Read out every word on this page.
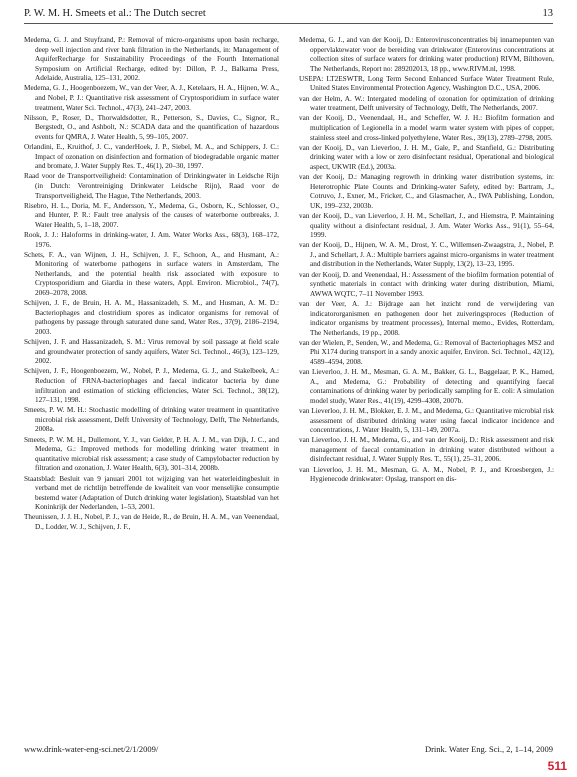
P. W. M. H. Smeets et al.: The Dutch secret	13
Medema, G. J. and Stuyfzand, P.: Removal of micro-organisms upon basin recharge, deep well injection and river bank filtration in the Netherlands, in: Management of AquiferRecharge for Sustainability Proceedings of the Fourth International Symposium on Artificial Recharge, edited by: Dillon, P. J., Balkama Press, Adelaide, Australia, 125–131, 2002.
Medema, G. J., Hoogenboezem, W., van der Veer, A. J., Ketelaars, H. A., Hijnen, W. A., and Nobel, P. J.: Quantitative risk assessment of Cryptosporidium in surface water treatment, Water Sci. Technol., 47(3), 241–247, 2003.
Nilsson, P., Roser, D., Thorwaldsdotter, R., Petterson, S., Davies, C., Signor, R., Bergstedt, O., and Ashbolt, N.: SCADA data and the quantification of hazardous events for QMRA, J. Water Health, 5, 99–105, 2007.
Orlandini, E., Kruithof, J. C., vanderHoek, J. P., Siebel, M. A., and Schippers, J. C.: Impact of ozonation on disinfection and formation of biodegradable organic matter and bromate, J. Water Supply Res. T., 46(1), 20–30, 1997.
Raad voor de Transportveiligheid: Contamination of Drinkingwater in Leidsche Rijn (in Dutch: Verontreiniging Drinkwater Leidsche Rijn), Raad voor de Transportveiligheid, The Hague, Tthe Netherlands, 2003.
Risebro, H. L., Doria, M. F., Andersson, Y., Medema, G., Osborn, K., Schlosser, O., and Hunter, P. R.: Fault tree analysis of the causes of waterborne outbreaks, J. Water Health, 5, 1–18, 2007.
Rook, J. J.: Haloforms in drinking-water, J. Am. Water Works Ass., 68(3), 168–172, 1976.
Schets, F. A., van Wijnen, J. H., Schijven, J. F., Schoon, A., and Husmant, A.: Monitoring of waterborne pathogens in surface waters in Amsterdam, The Netherlands, and the potential health risk associated with exposure to Cryptosporidium and Giardia in these waters, Appl. Environ. Microbiol., 74(7), 2069–2078, 2008.
Schijven, J. F., de Bruin, H. A. M., Hassanizadeh, S. M., and Husman, A. M. D.: Bacteriophages and clostridium spores as indicator organisms for removal of pathogens by passage through saturated dune sand, Water Res., 37(9), 2186–2194, 2003.
Schijven, J. F. and Hassanizadeh, S. M.: Virus removal by soil passage at field scale and groundwater protection of sandy aquifers, Water Sci. Technol., 46(3), 123–129, 2002.
Schijven, J. F., Hoogenboezem, W., Nobel, P. J., Medema, G. J., and Stakelbeek, A.: Reduction of FRNA-bacteriophages and faecal indicator bacteria by dune infiltration and estimation of sticking efficiencies, Water Sci. Technol., 38(12), 127–131, 1998.
Smeets, P. W. M. H.: Stochastic modelling of drinking water treatment in quantitative microbial risk assessment, Delft University of Technology, Delft, The Nehterlands, 2008a.
Smeets, P. W. M. H., Dullemont, Y. J., van Gelder, P. H. A. J. M., van Dijk, J. C., and Medema, G.: Improved methods for modelling drinking water treatment in quantitative microbial risk assessment; a case study of Campylobacter reduction by filtration and ozonation, J. Water Health, 6(3), 301–314, 2008b.
Staatsblad: Besluit van 9 januari 2001 tot wijziging van het waterleidingbesluit in verband met de richtlijn betreffende de kwaliteit van voor menselijke consumptie bestemd water (Adaptation of Dutch drinking water legislation), Staatsblad van het Koninkrijk der Nederlanden, 1–53, 2001.
Theunissen, J. J. H., Nobel, P. J., van de Heide, R., de Bruin, H. A. M., van Veenendaal, D., Lodder, W. J., Schijven, J. F.,
Medema, G. J., and van der Kooij, D.: Enterovirusconcentraties bij innamepunten van oppervlaktewater voor de bereiding van drinkwater (Enterovirus concentrations at collection sites of surface waters for drinking water production) RIVM, Bilthoven, The Netherlands, Report no: 289202013, 18 pp., www.RIVM.nl, 1998.
USEPA: LT2ESWTR, Long Term Second Enhanced Surface Water Treatment Rule, United States Environmental Protection Agency, Washington D.C., USA, 2006.
van der Helm, A. W.: Intergated modeling of ozonation for optimization of drinking water treatment, Delft university of Technology, Delft, The Netherlands, 2007.
van der Kooij, D., Veenendaal, H., and Scheffer, W. J. H.: Biofilm formation and multiplication of Legionella in a model warm water system with pipes of copper, stainless steel and cross-linked polyethylene, Water Res., 39(13), 2789–2798, 2005.
van der Kooij, D., van Lieverloo, J. H. M., Gale, P., and Stanfield, G.: Distributing drinking water with a low or zero disinfectant residual, Operational and biological aspect, UKWIR (Ed.), 2003a.
van der Kooij, D.: Managing regrowth in drinking water distribution systems, in: Heterotrophic Plate Counts and Drinking-water Safety, edited by: Bartram, J., Cotruvo, J., Exner, M., Fricker, C., and Glasmacher, A., IWA Publishing, London, UK, 199–232, 2003b.
van der Kooij, D., van Lieverloo, J. H. M., Schellart, J., and Hiemstra, P. Maintaining quality without a disinfectant residual, J. Am. Water Works Ass., 91(1), 55–64, 1999.
van der Kooij, D., Hijnen, W. A. M., Drost, Y. C., Willemsen-Zwaagstra, J., Nobel, P. J., and Schellart, J. A.: Multiple barriers against micro-organisms in water treatment and distribution in the Netherlands, Water Supply, 13(2), 13–23, 1995.
van der Kooij, D. and Veenendaal, H.: Assessment of the biofilm formation potential of synthetic materials in contact with drinking water during distribution, Miami, AWWA WQTC, 7–11 November 1993.
van der Veer, A. J.: Bijdrage aan het inzicht rond de verwijdering van indicatororganismen en pathogenen door het zuiveringsproces (Reduction of indicator organisms by treatment processes), Internal memo., Evides, Rotterdam, The Netherlands, 19 pp., 2008.
van der Wielen, P., Senden, W., and Medema, G.: Removal of Bacteriophages MS2 and Phi X174 during transport in a sandy anoxic aquifer, Environ. Sci. Technol., 42(12), 4589–4594, 2008.
van Lieverloo, J. H. M., Mesman, G. A. M., Bakker, G. L., Baggelaar, P. K., Hamed, A., and Medema, G.: Probability of detecting and quantifying faecal contaminations of drinking water by periodically sampling for E. coli: A simulation model study, Water Res., 41(19), 4299–4308, 2007b.
van Lieverloo, J. H. M., Blokker, E. J. M., and Medema, G.: Quantitative microbial risk assessment of distributed drinking water using faecal indicator incidence and concentrations, J. Water Health, 5, 131–149, 2007a.
van Lieverloo, J. H. M., Medema, G., and van der Kooij, D.: Risk assessment and risk management of faecal contamination in drinking water distributed without a disinfectant residual, J. Water Supply Res. T., 55(1), 25–31, 2006.
van Lieverloo, J. H. M., Mesman, G. A. M., Nobel, P. J., and Kroesbergen, J.: Hygienecode drinkwater: Opslag, transport en dis-
www.drink-water-eng-sci.net/2/1/2009/	Drink. Water Eng. Sci., 2, 1–14, 2009
511
